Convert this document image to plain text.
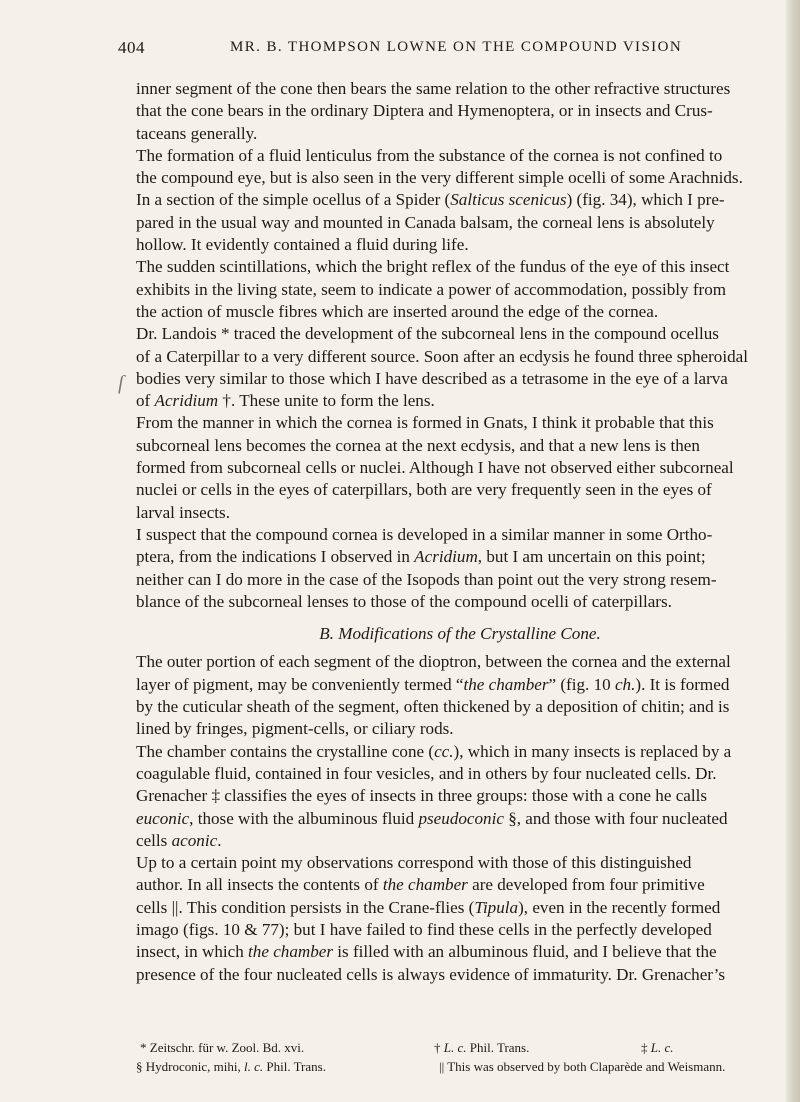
404	MR. B. THOMPSON LOWNE ON THE COMPOUND VISION
ſ

inner segment of the cone then bears the same relation to the other refractive structures
that the cone bears in the ordinary Diptera and Hymenoptera, or in insects and Crus-
taceans generally.

The formation of a fluid lenticulus from the substance of the cornea is not confined to
the compound eye, but is also seen in the very different simple ocelli of some Arachnids.
In a section of the simple ocellus of a Spider (Salticus scenicus) (fig. 34), which I pre-
pared in the usual way and mounted in Canada balsam, the corneal lens is absolutely
hollow. It evidently contained a fluid during life.

The sudden scintillations, which the bright reflex of the fundus of the eye of this insect
exhibits in the living state, seem to indicate a power of accommodation, possibly from
the action of muscle fibres which are inserted around the edge of the cornea.

Dr. Landois * traced the development of the subcorneal lens in the compound ocellus
of a Caterpillar to a very different source. Soon after an ecdysis he found three spheroidal
bodies very similar to those which I have described as a tetrasome in the eye of a larva
of Acridium †. These unite to form the lens.

From the manner in which the cornea is formed in Gnats, I think it probable that this
subcorneal lens becomes the cornea at the next ecdysis, and that a new lens is then
formed from subcorneal cells or nuclei. Although I have not observed either subcorneal
nuclei or cells in the eyes of caterpillars, both are very frequently seen in the eyes of
larval insects.

I suspect that the compound cornea is developed in a similar manner in some Ortho-
ptera, from the indications I observed in Acridium, but I am uncertain on this point;
neither can I do more in the case of the Isopods than point out the very strong resem-
blance of the subcorneal lenses to those of the compound ocelli of caterpillars.

B. Modifications of the Crystalline Cone.

The outer portion of each segment of the dioptron, between the cornea and the external
layer of pigment, may be conveniently termed “the chamber” (fig. 10 ch.). It is formed
by the cuticular sheath of the segment, often thickened by a deposition of chitin; and is
lined by fringes, pigment-cells, or ciliary rods.

The chamber contains the crystalline cone (cc.), which in many insects is replaced by a
coagulable fluid, contained in four vesicles, and in others by four nucleated cells. Dr.
Grenacher ‡ classifies the eyes of insects in three groups: those with a cone he calls
euconic, those with the albuminous fluid pseudoconic §, and those with four nucleated
cells aconic.

Up to a certain point my observations correspond with those of this distinguished
author. In all insects the contents of the chamber are developed from four primitive
cells ||. This condition persists in the Crane-flies (Tipula), even in the recently formed
imago (figs. 10 & 77); but I have failed to find these cells in the perfectly developed
insect, in which the chamber is filled with an albuminous fluid, and I believe that the
presence of the four nucleated cells is always evidence of immaturity. Dr. Grenacher’s

* Zeitschr. für w. Zool. Bd. xvi.	† L. c. Phil. Trans.	‡ L. c.
§ Hydroconic, mihi, l. c. Phil. Trans.	|| This was observed by both Claparède and Weismann.
